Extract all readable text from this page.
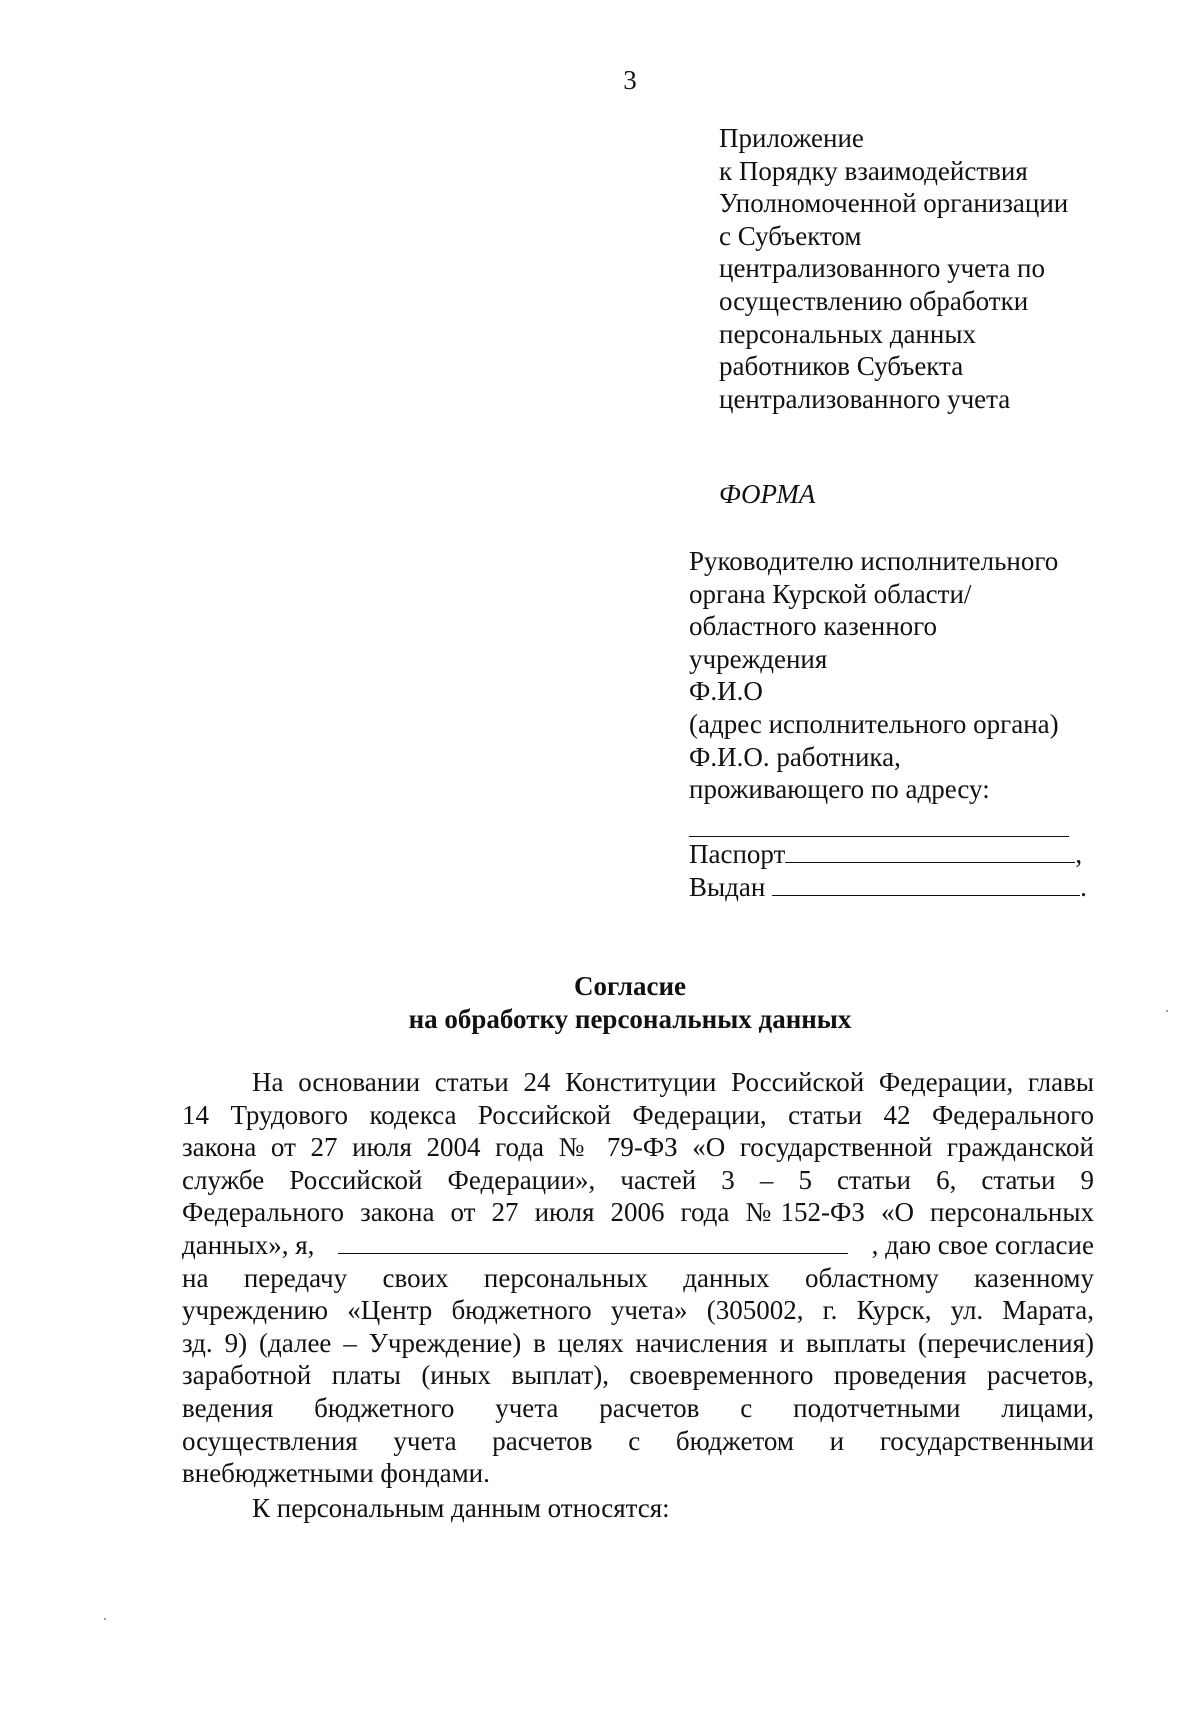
3
Приложение
к Порядку взаимодействия
Уполномоченной организации
с Субъектом
централизованного учета по
осуществлению обработки
персональных данных
работников Субъекта
централизованного учета
ФОРМА
Руководителю исполнительного
органа Курской области/
областного казенного
учреждения
Ф.И.О
(адрес исполнительного органа)
Ф.И.О. работника,
проживающего по адресу:
Паспорт	,
Выдан	.
Согласие
на обработку персональных данных
На основании статьи 24 Конституции Российской Федерации, главы
14 Трудового кодекса Российской Федерации, статьи 42 Федерального
закона от 27 июля 2004 года № 79-ФЗ «О государственной гражданской
службе Российской Федерации», частей 3 – 5 статьи 6, статьи 9
Федерального закона от 27 июля 2006 года №152-ФЗ «О персональных
данных», я,	, даю свое согласие
на передачу своих персональных данных областному казенному
учреждению «Центр бюджетного учета» (305002, г. Курск, ул. Марата,
зд. 9) (далее – Учреждение) в целях начисления и выплаты (перечисления)
заработной платы (иных выплат), своевременного проведения расчетов,
ведения бюджетного учета расчетов с подотчетными лицами,
осуществления учета расчетов с бюджетом и государственными
внебюджетными фондами.
К персональным данным относятся:
